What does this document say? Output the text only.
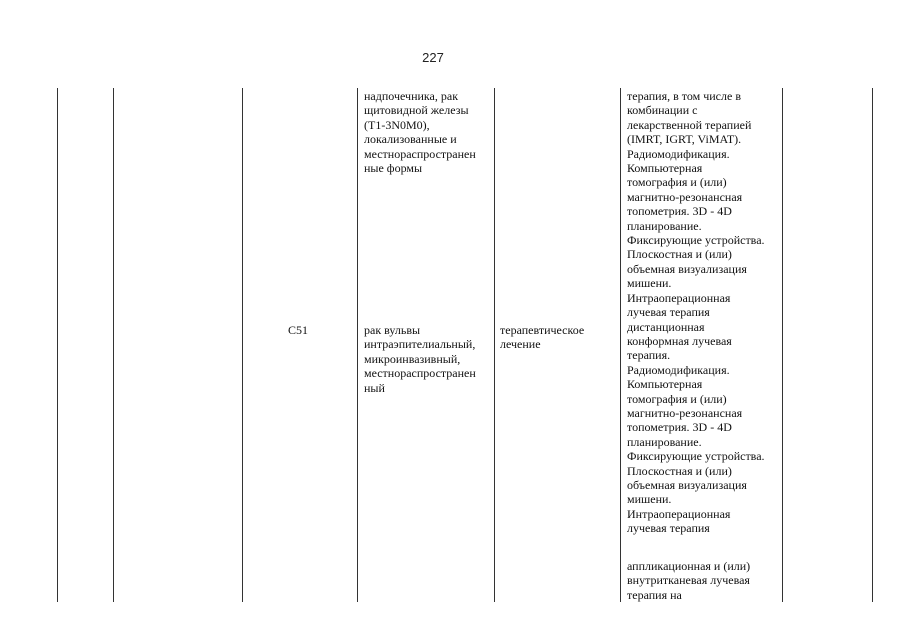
227
C51
надпочечника, рак
щитовидной железы
(T1-3N0M0),
локализованные и
местнораспространен
ные формы
рак вульвы
интраэпителиальный,
микроинвазивный,
местнораспространен
ный
терапевтическое
лечение
терапия, в том числе в
комбинации с
лекарственной терапией
(IMRT, IGRT, ViMAT).
Радиомодификация.
Компьютерная
томография и (или)
магнитно-резонансная
топометрия. 3D - 4D
планирование.
Фиксирующие устройства.
Плоскостная и (или)
объемная визуализация
мишени.
Интраоперационная
лучевая терапия
дистанционная
конформная лучевая
терапия.
Радиомодификация.
Компьютерная
томография и (или)
магнитно-резонансная
топометрия. 3D - 4D
планирование.
Фиксирующие устройства.
Плоскостная и (или)
объемная визуализация
мишени.
Интраоперационная
лучевая терапия
аппликационная и (или)
внутритканевая лучевая
терапия на
